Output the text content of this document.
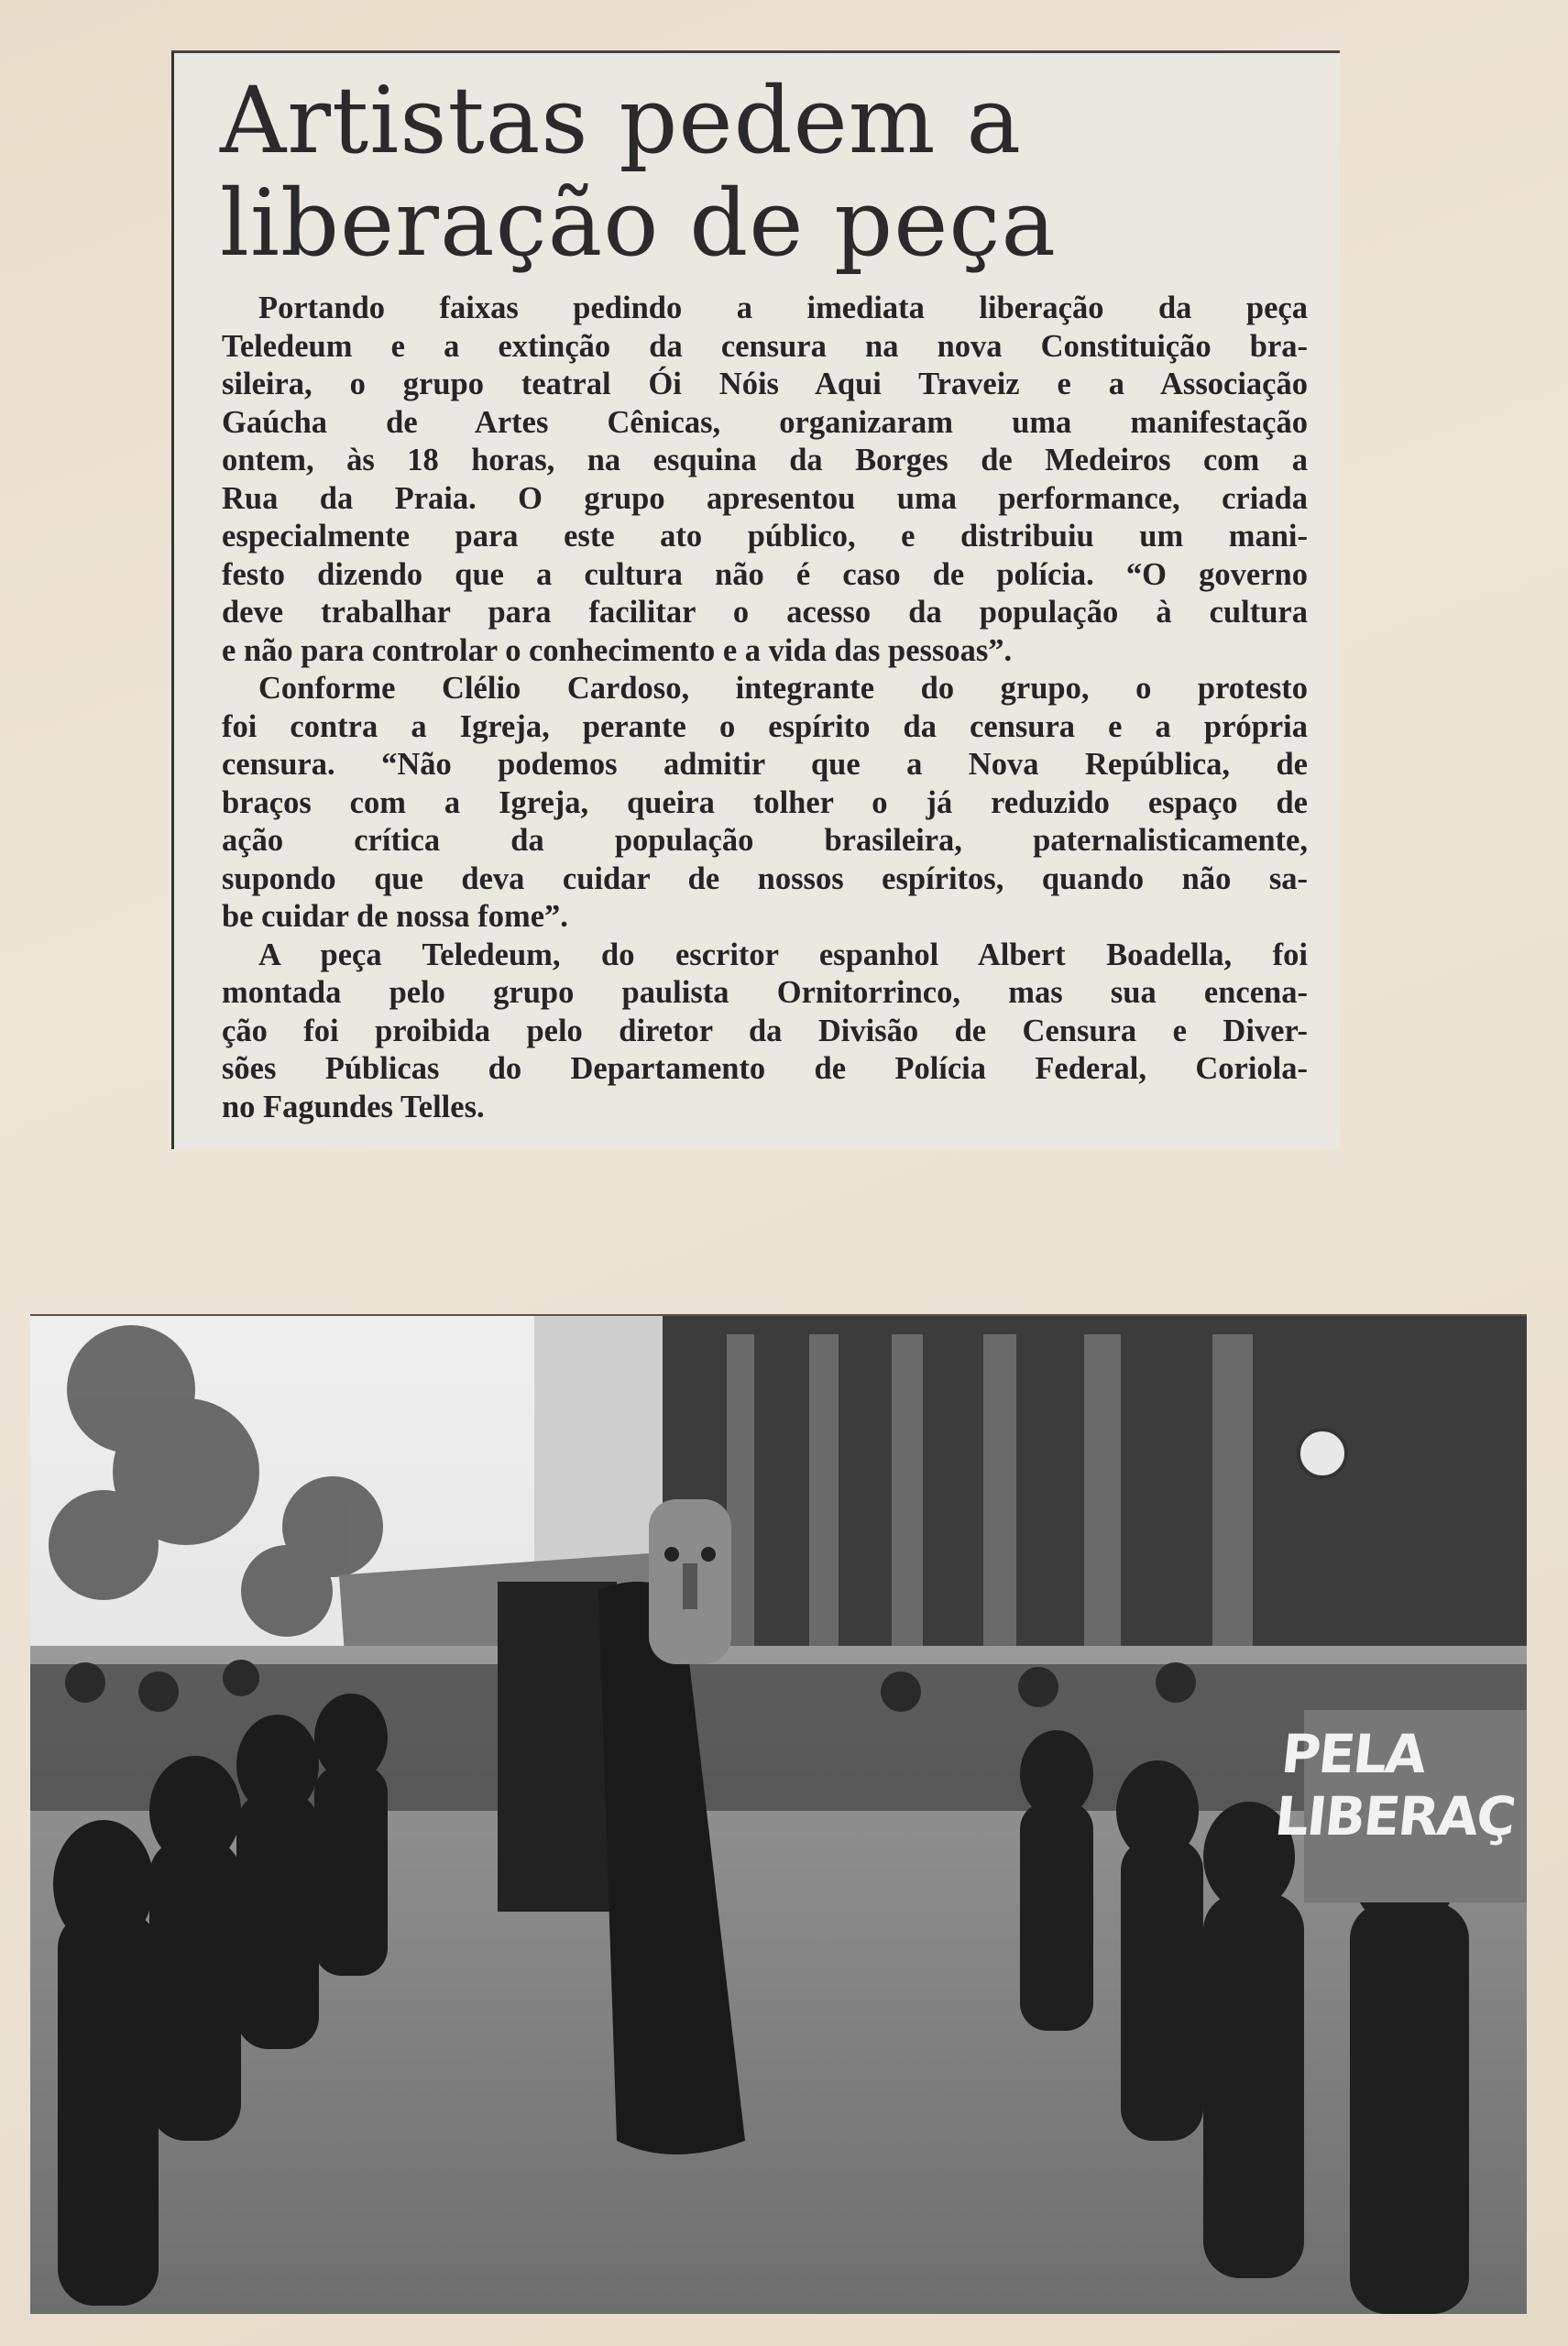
Artistas pedem a
liberação de peça
Portando faixas pedindo a imediata liberação da peça
Teledeum e a extinção da censura na nova Constituição bra-
sileira, o grupo teatral Ói Nóis Aqui Traveiz e a Associação
Gaúcha de Artes Cênicas, organizaram uma manifestação
ontem, às 18 horas, na esquina da Borges de Medeiros com a
Rua da Praia. O grupo apresentou uma performance, criada
especialmente para este ato público, e distribuiu um mani-
festo dizendo que a cultura não é caso de polícia. “O governo
deve trabalhar para facilitar o acesso da população à cultura
e não para controlar o conhecimento e a vida das pessoas”.
Conforme Clélio Cardoso, integrante do grupo, o protesto
foi contra a Igreja, perante o espírito da censura e a própria
censura. “Não podemos admitir que a Nova República, de
braços com a Igreja, queira tolher o já reduzido espaço de
ação crítica da população brasileira, paternalisticamente,
supondo que deva cuidar de nossos espíritos, quando não sa-
be cuidar de nossa fome”.
A peça Teledeum, do escritor espanhol Albert Boadella, foi
montada pelo grupo paulista Ornitorrinco, mas sua encena-
ção foi proibida pelo diretor da Divisão de Censura e Diver-
sões Públicas do Departamento de Polícia Federal, Coriola-
no Fagundes Telles.
PELA LIBERAÇ
